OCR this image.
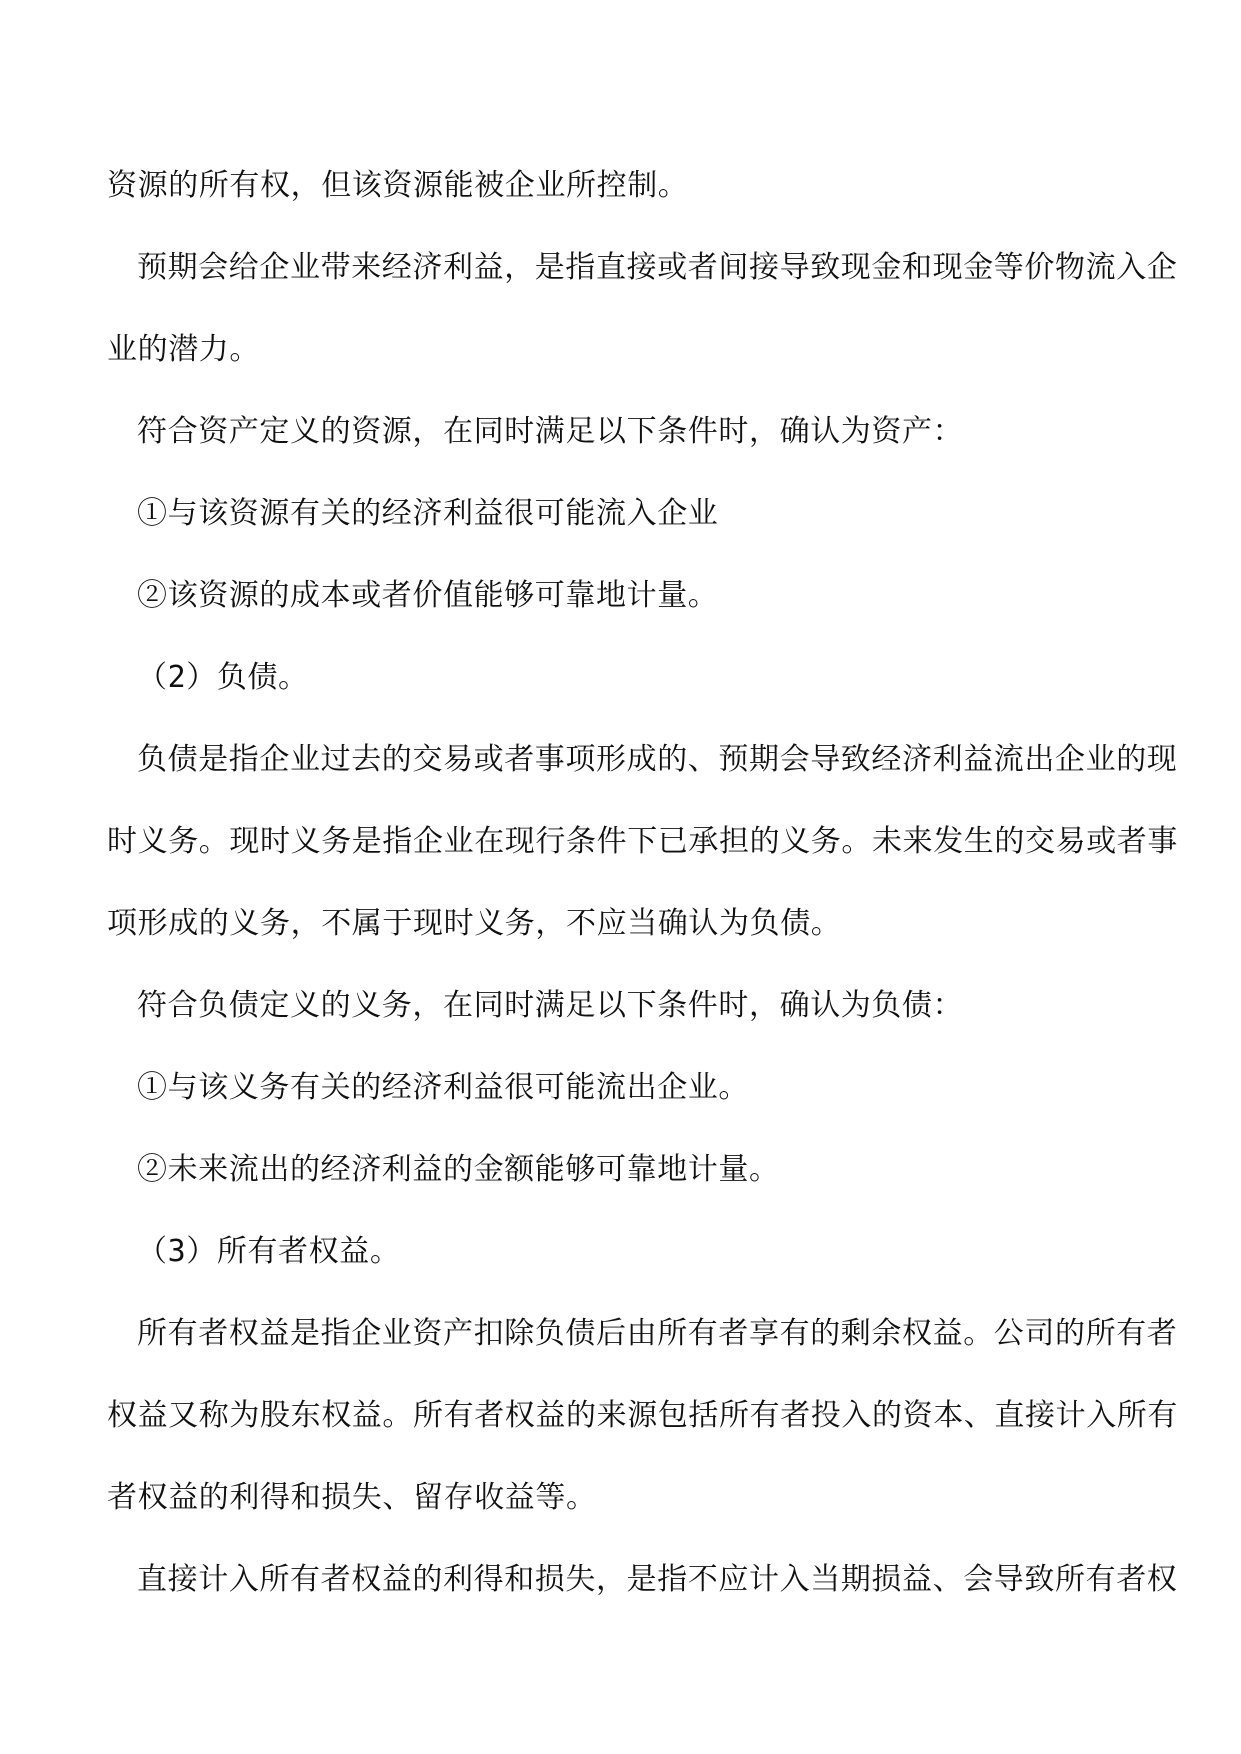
资源的所有权，但该资源能被企业所控制。
预期会给企业带来经济利益，是指直接或者间接导致现金和现金等价物流入企
业的潜力。
符合资产定义的资源，在同时满足以下条件时，确认为资产：
①与该资源有关的经济利益很可能流入企业
②该资源的成本或者价值能够可靠地计量。
（2）负债。
负债是指企业过去的交易或者事项形成的、预期会导致经济利益流出企业的现
时义务。现时义务是指企业在现行条件下已承担的义务。未来发生的交易或者事
项形成的义务，不属于现时义务，不应当确认为负债。
符合负债定义的义务，在同时满足以下条件时，确认为负债：
①与该义务有关的经济利益很可能流出企业。
②未来流出的经济利益的金额能够可靠地计量。
（3）所有者权益。
所有者权益是指企业资产扣除负债后由所有者享有的剩余权益。公司的所有者
权益又称为股东权益。所有者权益的来源包括所有者投入的资本、直接计入所有
者权益的利得和损失、留存收益等。
直接计入所有者权益的利得和损失，是指不应计入当期损益、会导致所有者权
